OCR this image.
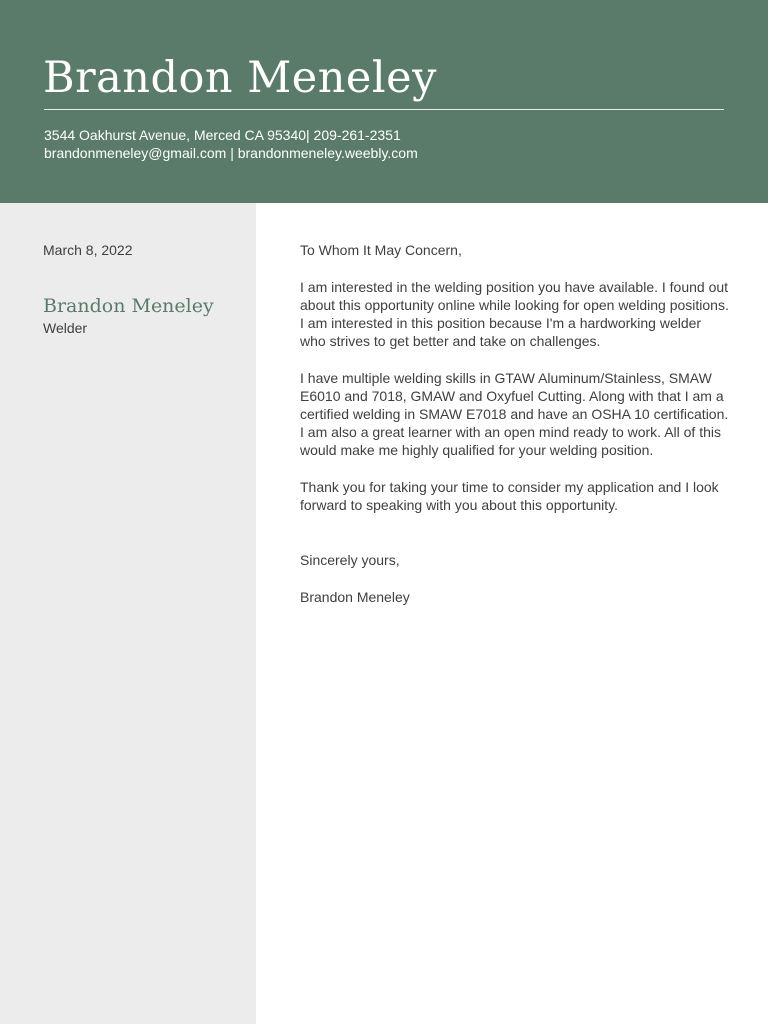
Brandon Meneley
3544 Oakhurst Avenue, Merced CA 95340| 209-261-2351
brandonmeneley@gmail.com | brandonmeneley.weebly.com
March 8, 2022
Brandon Meneley
Welder

To Whom It May Concern,

I am interested in the welding position you have available. I found out about this opportunity online while looking for open welding positions. I am interested in this position because I'm a hardworking welder who strives to get better and take on challenges.

I have multiple welding skills in GTAW Aluminum/Stainless, SMAW E6010 and 7018, GMAW and Oxyfuel Cutting. Along with that I am a certified welding in SMAW E7018 and have an OSHA 10 certification. I am also a great learner with an open mind ready to work. All of this would make me highly qualified for your welding position.

Thank you for taking your time to consider my application and I look forward to speaking with you about this opportunity.

Sincerely yours,

Brandon Meneley
